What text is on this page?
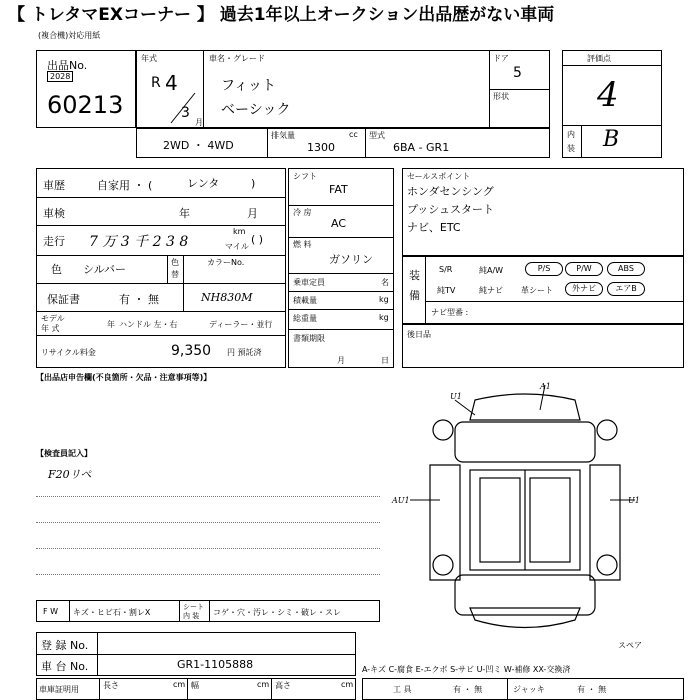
【 トレタマEXコーナー 】 過去1年以上オークション出品歴がない車両
(複合機)対応用紙
出品No.
2028
60213
年式
R 4
3
月
車名・グレード
フィット
ベーシック
ドア
5
形状
評価点
4
内
装 B
2WD ・ 4WD
排気量	cc
1300
型式
6BA - GR1
車歴	自家用 ・ (	レンタ	)
車検	年	月
走行 7 万 3 千 2 3 8
km
マイル
( )
色 シルバー
色
替
カラーNo.
NH830M
保証書	有 ・ 無
モデル
年 式	年 ハンドル 左・右	ディーラー・並行
リサイクル料金	9,350 円 預託済
シフト
FAT
冷 房
AC
燃 料
ガソリン
乗車定員	名
積載量	kg
総重量	kg
書類期限
月	日
セールスポイント
ホンダセンシング
プッシュスタート
ナビ、ETC
装
備
S/R	純A/W	P/S	P/W	ABS
純TV	純ナビ 革シート	外ナビ	エアB
ナビ型番 :
後日品
【出品店申告欄(不良箇所・欠品・注意事項等)】
【検査員記入】
F20リペ
U1
A1
AU1	U1
スペア
F W キズ・ヒビ石・割レX
シート
内 装 コゲ・穴・汚レ・シミ・破レ・スレ
登 録 No.
車 台 No.	GR1-1105888
車庫証明用	長さ	cm 幅	cm 高さ	cm
A-キズ C-腐食 E-エクボ S-サビ U-凹ミ W-補修 XX-交換済
工 具	有 ・ 無	ジャッキ	有 ・ 無
